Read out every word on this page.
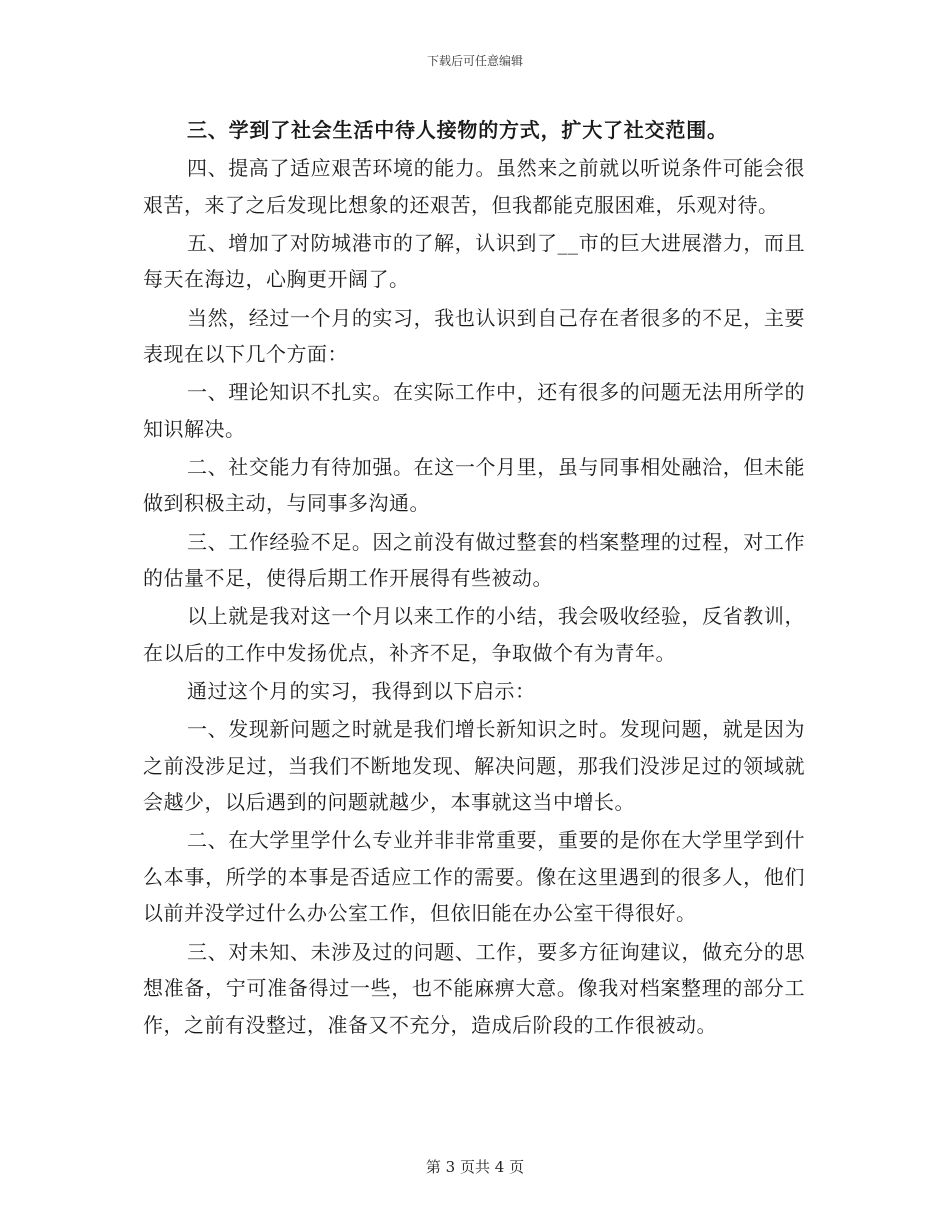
下载后可任意编辑

三、学到了社会生活中待人接物的方式，扩大了社交范围。

四、提高了适应艰苦环境的能力。虽然来之前就以听说条件可能会很艰苦，来了之后发现比想象的还艰苦，但我都能克服困难，乐观对待。

五、增加了对防城港市的了解，认识到了__市的巨大进展潜力，而且每天在海边，心胸更开阔了。

当然，经过一个月的实习，我也认识到自己存在者很多的不足，主要表现在以下几个方面：

一、理论知识不扎实。在实际工作中，还有很多的问题无法用所学的知识解决。

二、社交能力有待加强。在这一个月里，虽与同事相处融洽，但未能做到积极主动，与同事多沟通。

三、工作经验不足。因之前没有做过整套的档案整理的过程，对工作的估量不足，使得后期工作开展得有些被动。

以上就是我对这一个月以来工作的小结，我会吸收经验，反省教训，在以后的工作中发扬优点，补齐不足，争取做个有为青年。

通过这个月的实习，我得到以下启示：

一、发现新问题之时就是我们增长新知识之时。发现问题，就是因为之前没涉足过，当我们不断地发现、解决问题，那我们没涉足过的领域就会越少，以后遇到的问题就越少，本事就这当中增长。

二、在大学里学什么专业并非非常重要，重要的是你在大学里学到什么本事，所学的本事是否适应工作的需要。像在这里遇到的很多人，他们以前并没学过什么办公室工作，但依旧能在办公室干得很好。

三、对未知、未涉及过的问题、工作，要多方征询建议，做充分的思想准备，宁可准备得过一些，也不能麻痹大意。像我对档案整理的部分工作，之前有没整过，准备又不充分，造成后阶段的工作很被动。

第 3 页共 4 页
